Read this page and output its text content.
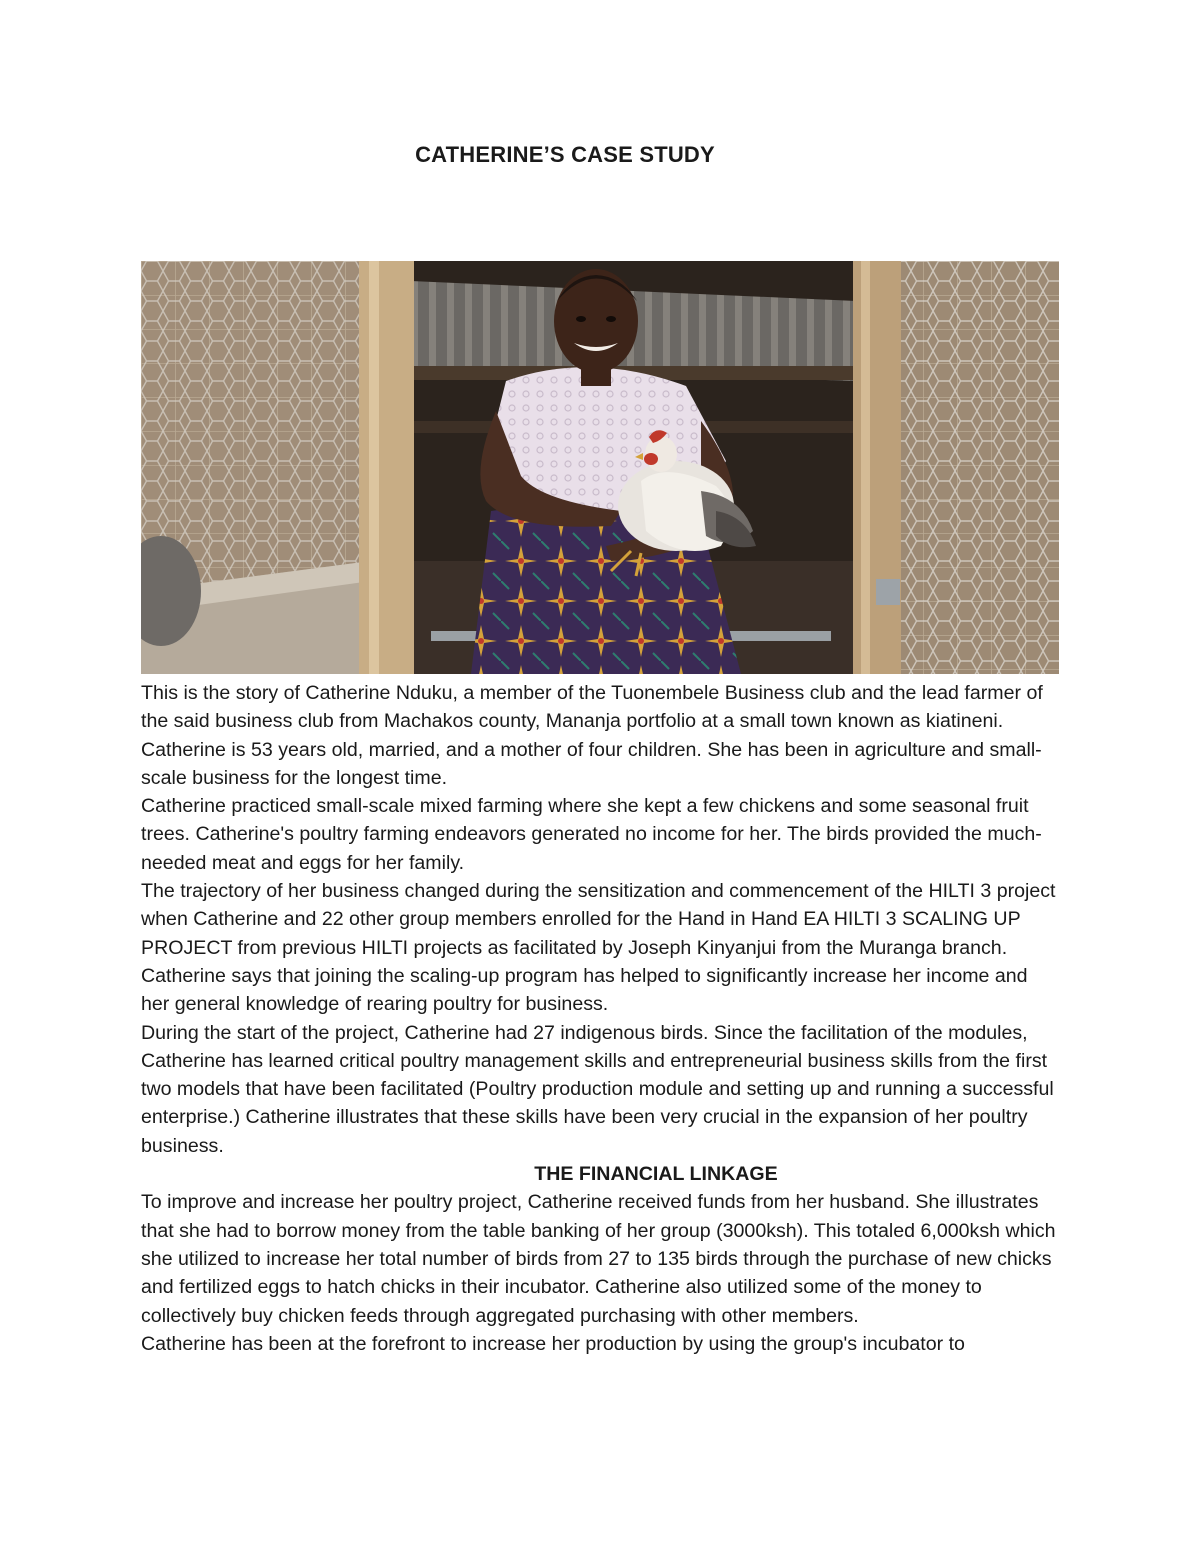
CATHERINE’S CASE STUDY

This is the story of Catherine Nduku, a member of the Tuonembele Business club and the lead farmer of the said business club from Machakos county, Mananja portfolio at a small town known as kiatineni. Catherine is 53 years old, married, and a mother of four children. She has been in agriculture and small-scale business for the longest time.

Catherine practiced small-scale mixed farming where she kept a few chickens and some seasonal fruit trees. Catherine's poultry farming endeavors generated no income for her. The birds provided the much-needed meat and eggs for her family.

The trajectory of her business changed during the sensitization and commencement of the HILTI 3 project when Catherine and 22 other group members enrolled for the Hand in Hand EA HILTI 3 SCALING UP PROJECT from previous HILTI projects as facilitated by Joseph Kinyanjui from the Muranga branch. Catherine says that joining the scaling-up program has helped to significantly increase her income and her general knowledge of rearing poultry for business.

During the start of the project, Catherine had 27 indigenous birds. Since the facilitation of the modules, Catherine has learned critical poultry management skills and entrepreneurial business skills from the first two models that have been facilitated (Poultry production module and setting up and running a successful enterprise.) Catherine illustrates that these skills have been very crucial in the expansion of her poultry business.

THE FINANCIAL LINKAGE

To improve and increase her poultry project, Catherine received funds from her husband. She illustrates that she had to borrow money from the table banking of her group (3000ksh). This totaled 6,000ksh which she utilized to increase her total number of birds from 27 to 135 birds through the purchase of new chicks and fertilized eggs to hatch chicks in their incubator. Catherine also utilized some of the money to collectively buy chicken feeds through aggregated purchasing with other members.

Catherine has been at the forefront to increase her production by using the group's incubator to
